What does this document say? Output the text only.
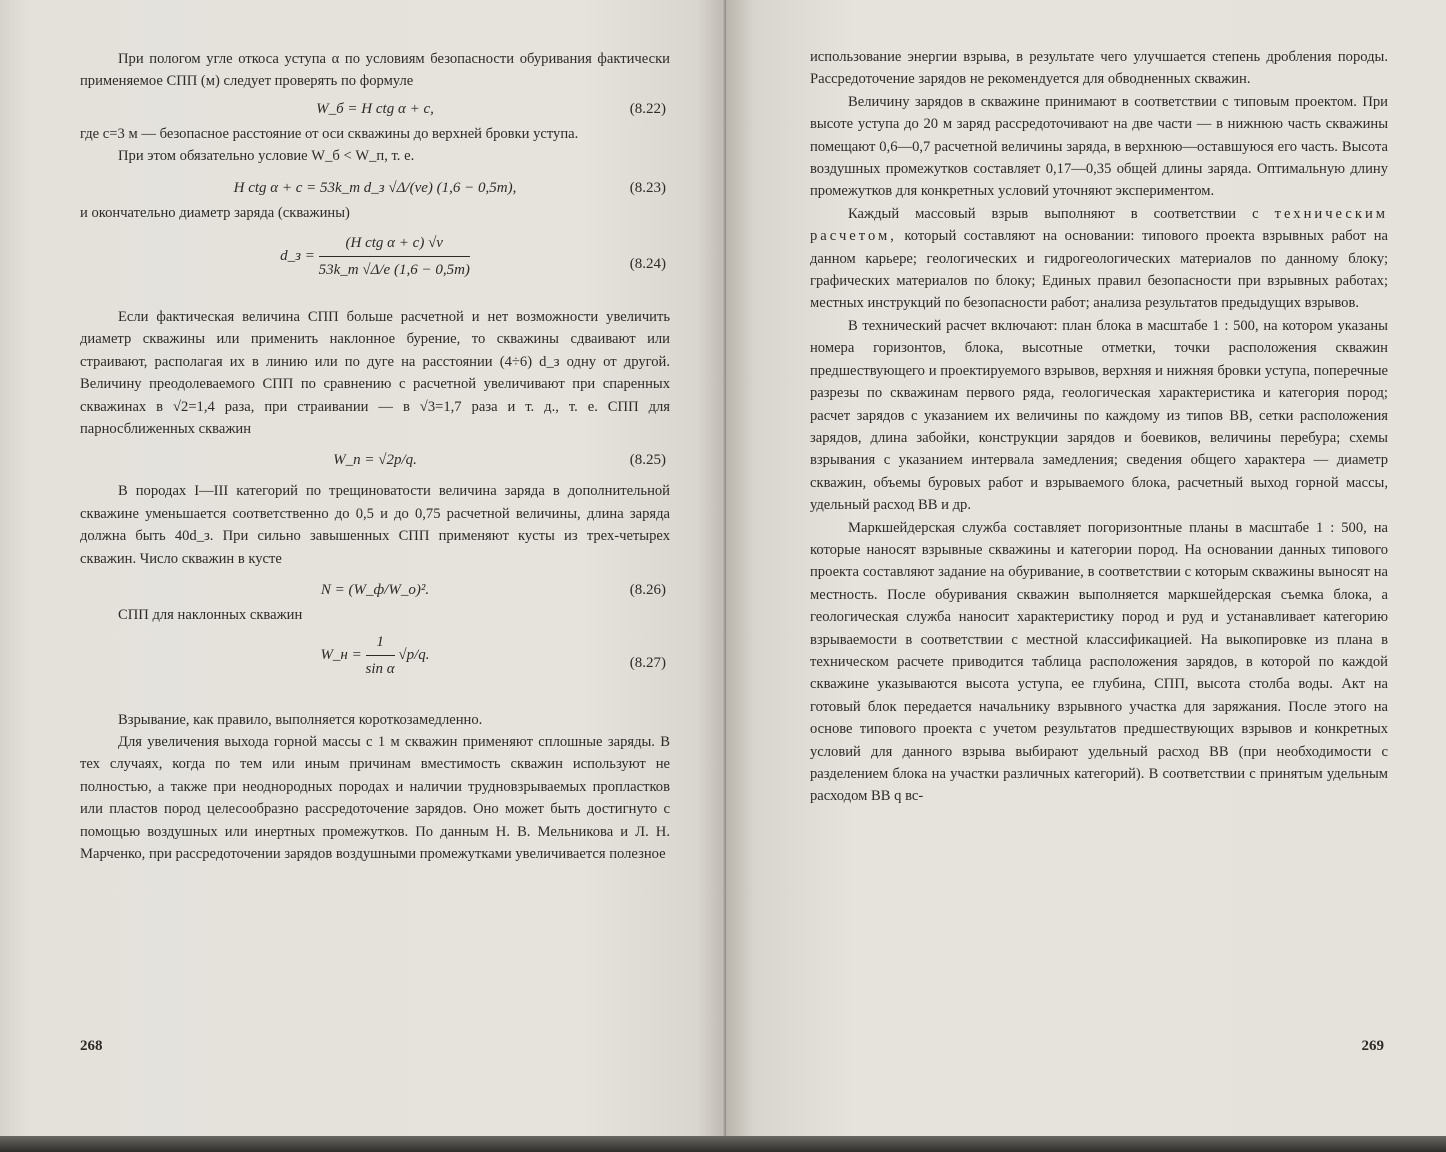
При пологом угле откоса уступа α по условиям безопасности обуривания фактически применяемое СПП (м) следует проверять по формуле

W_б = H ctg α + c,	(8.22)

где c=3 м — безопасное расстояние от оси скважины до верхней бровки уступа.

При этом обязательно условие W_б < W_п, т. е.

H ctg α + c = 53k_т d_з √Δ/(νe) (1,6 − 0,5m),	(8.23)

и окончательно диаметр заряда (скважины)

d_з = $\frac{\text{(H ctg α + c) √ν}}{53k\_т √\Delta/e (1,6 - 0,5m)}$	(8.24)

Если фактическая величина СПП больше расчетной и нет возможности увеличить диаметр скважины или применить наклонное бурение, то скважины сдваивают или страивают, располагая их в линию или по дуге на расстоянии (4÷6) d_з одну от другой. Величину преодолеваемого СПП по сравнению с расчетной увеличивают при спаренных скважинах в √2=1,4 раза, при страивании — в √3=1,7 раза и т. д., т. е. СПП для парносближенных скважин

W_п = √2p/q.	(8.25)

В породах I—III категорий по трещиноватости величина заряда в дополнительной скважине уменьшается соответственно до 0,5 и до 0,75 расчетной величины, длина заряда должна быть 40d_з. При сильно завышенных СПП применяют кусты из трех-четырех скважин. Число скважин в кусте

N = (W_ф/W_о)².	(8.26)

СПП для наклонных скважин

W_н = $\frac{1}{\text{sin α}} √p/q$.
(8.27)

Взрывание, как правило, выполняется короткозамедленно.

Для увеличения выхода горной массы с 1 м скважин применяют сплошные заряды. В тех случаях, когда по тем или иным причинам вместимость скважин используют не полностью, а также при неоднородных породах и наличии трудновзрываемых пропластков или пластов пород целесообразно рассредоточение зарядов. Оно может быть достигнуто с помощью воздушных или инертных промежутков. По данным Н. В. Мельникова и Л. Н. Марченко, при рассредоточении зарядов воздушными промежутками увеличивается полезное

268

использование энергии взрыва, в результате чего улучшается степень дробления породы. Рассредоточение зарядов не рекомендуется для обводненных скважин.

Величину зарядов в скважине принимают в соответствии с типовым проектом. При высоте уступа до 20 м заряд рассредоточивают на две части — в нижнюю часть скважины помещают 0,6—0,7 расчетной величины заряда, в верхнюю—оставшуюся его часть. Высота воздушных промежутков составляет 0,17—0,35 общей длины заряда. Оптимальную длину промежутков для конкретных условий уточняют экспериментом.

Каждый массовый взрыв выполняют в соответствии с техническим расчетом, который составляют на основании: типового проекта взрывных работ на данном карьере; геологических и гидрогеологических материалов по данному блоку; графических материалов по блоку; Единых правил безопасности при взрывных работах; местных инструкций по безопасности работ; анализа результатов предыдущих взрывов.

В технический расчет включают: план блока в масштабе 1 : 500, на котором указаны номера горизонтов, блока, высотные отметки, точки расположения скважин предшествующего и проектируемого взрывов, верхняя и нижняя бровки уступа, поперечные разрезы по скважинам первого ряда, геологическая характеристика и категория пород; расчет зарядов с указанием их величины по каждому из типов ВВ, сетки расположения зарядов, длина забойки, конструкции зарядов и боевиков, величины перебура; схемы взрывания с указанием интервала замедления; сведения общего характера — диаметр скважин, объемы буровых работ и взрываемого блока, расчетный выход горной массы, удельный расход ВВ и др.

Маркшейдерская служба составляет погоризонтные планы в масштабе 1 : 500, на которые наносят взрывные скважины и категории пород. На основании данных типового проекта составляют задание на обуривание, в соответствии с которым скважины выносят на местность. После обуривания скважин выполняется маркшейдерская съемка блока, а геологическая служба наносит характеристику пород и руд и устанавливает категорию взрываемости в соответствии с местной классификацией. На выкопировке из плана в техническом расчете приводится таблица расположения зарядов, в которой по каждой скважине указываются высота уступа, ее глубина, СПП, высота столба воды. Акт на готовый блок передается начальнику взрывного участка для заряжания. После этого на основе типового проекта с учетом результатов предшествующих взрывов и конкретных условий для данного взрыва выбирают удельный расход ВВ (при необходимости с разделением блока на участки различных категорий). В соответствии с принятым удельным расходом ВВ q вс-

269
